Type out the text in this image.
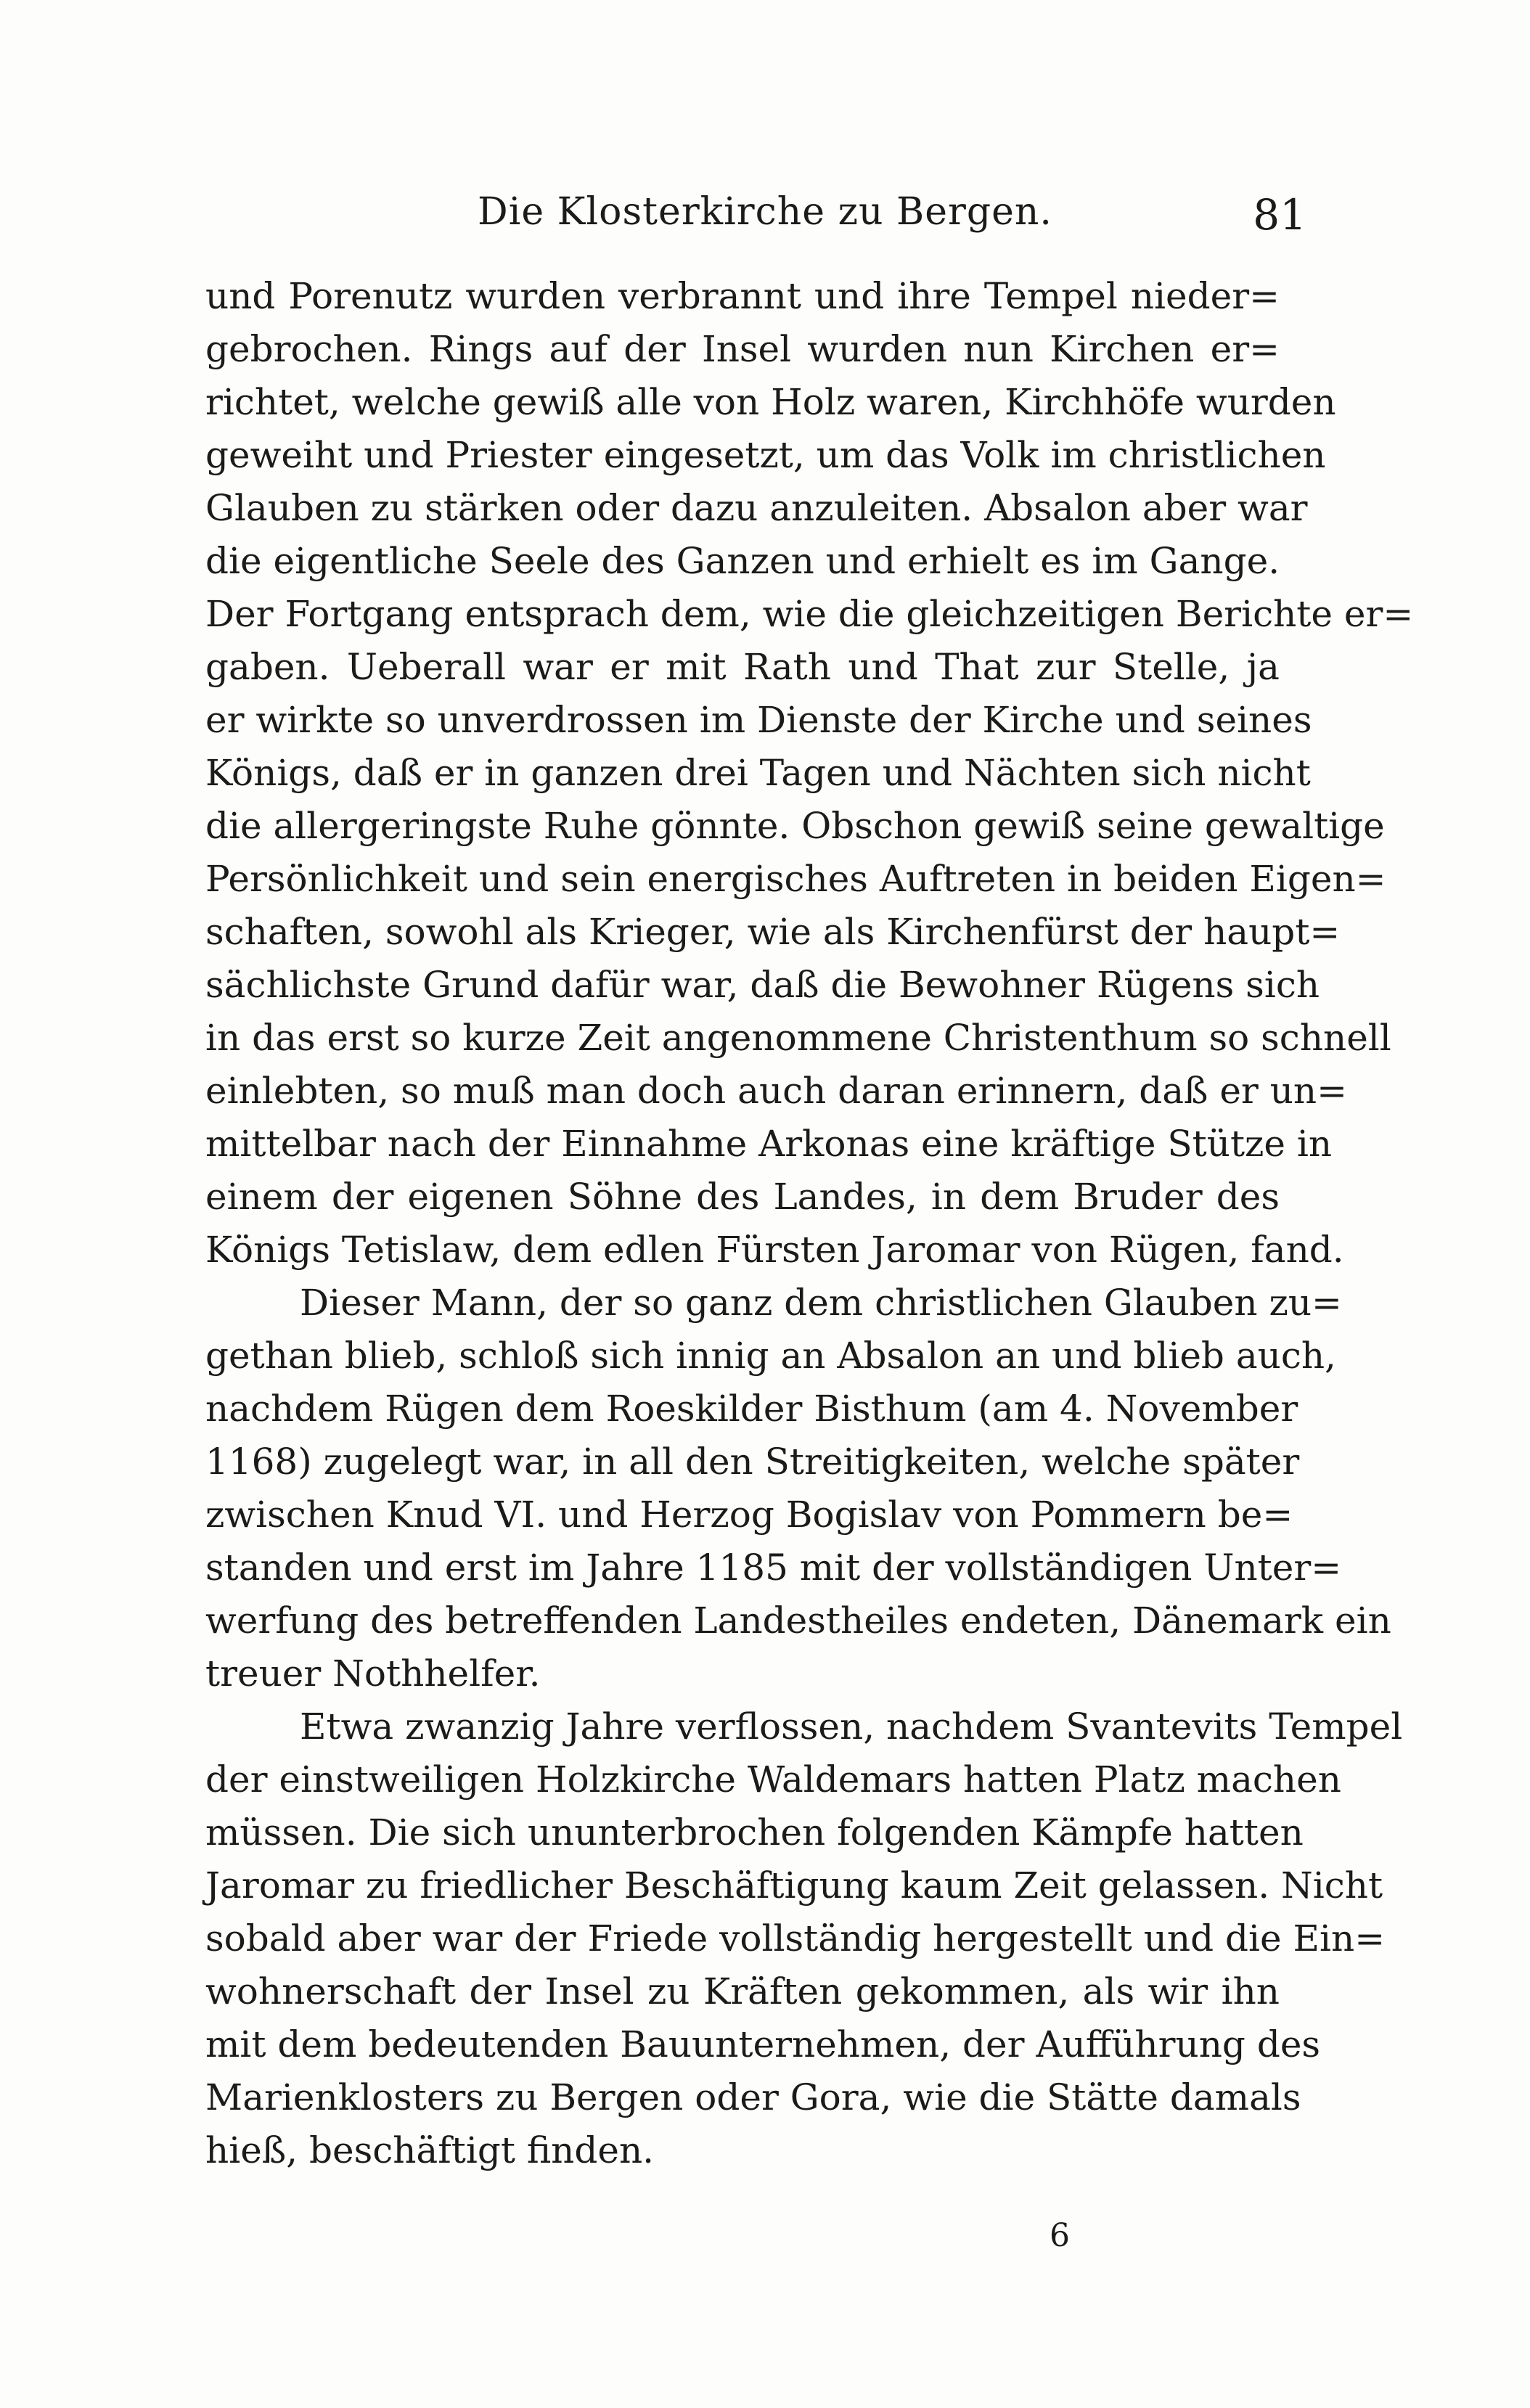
Die Klosterkirche zu Bergen.	81
und Porenutz wurden verbrannt und ihre Tempel nieder=
gebrochen. Rings auf der Insel wurden nun Kirchen er=
richtet, welche gewiß alle von Holz waren, Kirchhöfe wurden
geweiht und Priester eingesetzt, um das Volk im christlichen
Glauben zu stärken oder dazu anzuleiten. Absalon aber war
die eigentliche Seele des Ganzen und erhielt es im Gange.
Der Fortgang entsprach dem, wie die gleichzeitigen Berichte er=
gaben. Ueberall war er mit Rath und That zur Stelle, ja
er wirkte so unverdrossen im Dienste der Kirche und seines
Königs, daß er in ganzen drei Tagen und Nächten sich nicht
die allergeringste Ruhe gönnte. Obschon gewiß seine gewaltige
Persönlichkeit und sein energisches Auftreten in beiden Eigen=
schaften, sowohl als Krieger, wie als Kirchenfürst der haupt=
sächlichste Grund dafür war, daß die Bewohner Rügens sich
in das erst so kurze Zeit angenommene Christenthum so schnell
einlebten, so muß man doch auch daran erinnern, daß er un=
mittelbar nach der Einnahme Arkonas eine kräftige Stütze in
einem der eigenen Söhne des Landes, in dem Bruder des
Königs Tetislaw, dem edlen Fürsten Jaromar von Rügen, fand.
Dieser Mann, der so ganz dem christlichen Glauben zu=
gethan blieb, schloß sich innig an Absalon an und blieb auch,
nachdem Rügen dem Roeskilder Bisthum (am 4. November
1168) zugelegt war, in all den Streitigkeiten, welche später
zwischen Knud VI. und Herzog Bogislav von Pommern be=
standen und erst im Jahre 1185 mit der vollständigen Unter=
werfung des betreffenden Landestheiles endeten, Dänemark ein
treuer Nothhelfer.
Etwa zwanzig Jahre verflossen, nachdem Svantevits Tempel
der einstweiligen Holzkirche Waldemars hatten Platz machen
müssen. Die sich ununterbrochen folgenden Kämpfe hatten
Jaromar zu friedlicher Beschäftigung kaum Zeit gelassen. Nicht
sobald aber war der Friede vollständig hergestellt und die Ein=
wohnerschaft der Insel zu Kräften gekommen, als wir ihn
mit dem bedeutenden Bauunternehmen, der Aufführung des
Marienklosters zu Bergen oder Gora, wie die Stätte damals
hieß, beschäftigt finden.
6
